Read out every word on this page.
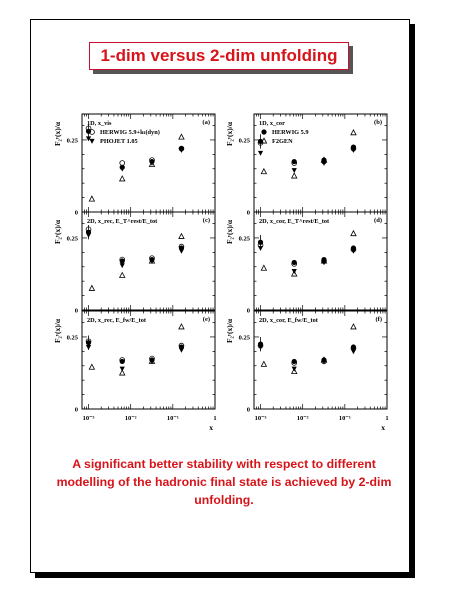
1-dim versus 2-dim unfolding
0
0.25
F₂ʸ(x)/α	(a)
1D, x_vis
HERWIG 5.9+kₜ(dyn)
PHOJET 1.05
0
0.25
F₂ʸ(x)/α	(b)
1D, x_cor
HERWIG 5.9
F2GEN
0
0.25
F₂ʸ(x)/α	(c)
2D, x_rec, E_T^rest/E_tot
0
0.25
F₂ʸ(x)/α	(d)
2D, x_cor, E_T^rest/E_tot
0
0.25
F₂ʸ(x)/α	(e)
2D, x_rec, E_fw/E_tot
10⁻³	10⁻²	10⁻¹	1
x
0
0.25
F₂ʸ(x)/α	(f)
2D, x_cor, E_fw/E_tot
10⁻³	10⁻²	10⁻¹	1
x
A significant better stability with respect to different modelling of the hadronic final state is achieved by 2-dim unfolding.
